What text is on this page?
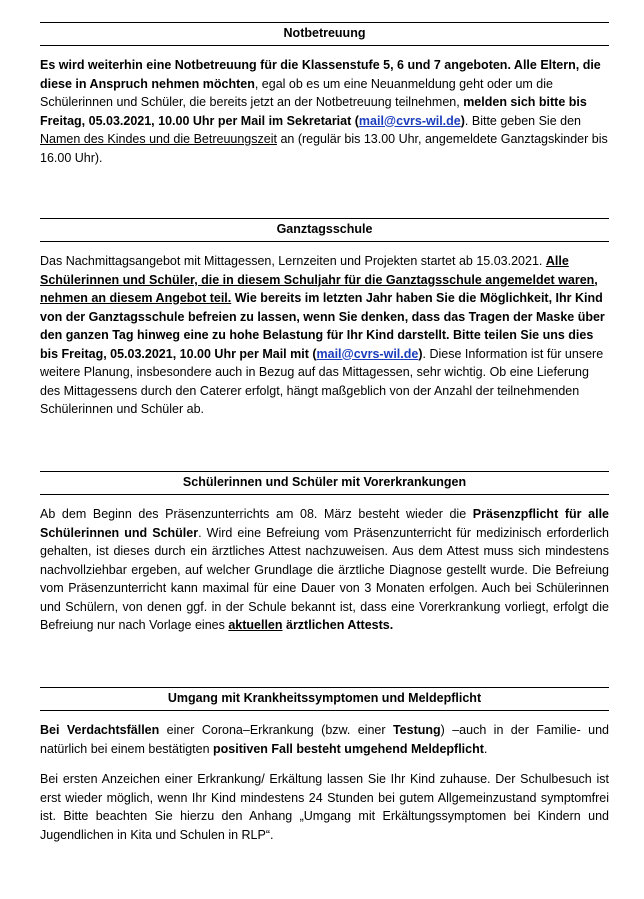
Notbetreuung

Es wird weiterhin eine Notbetreuung für die Klassenstufe 5, 6 und 7 angeboten. Alle Eltern, die diese in Anspruch nehmen möchten, egal ob es um eine Neuanmeldung geht oder um die Schülerinnen und Schüler, die bereits jetzt an der Notbetreuung teilnehmen, melden sich bitte bis Freitag, 05.03.2021, 10.00 Uhr per Mail im Sekretariat (mail@cvrs-wil.de). Bitte geben Sie den Namen des Kindes und die Betreuungszeit an (regulär bis 13.00 Uhr, angemeldete Ganztagskinder bis 16.00 Uhr).

Ganztagsschule

Das Nachmittagsangebot mit Mittagessen, Lernzeiten und Projekten startet ab 15.03.2021. Alle Schülerinnen und Schüler, die in diesem Schuljahr für die Ganztagsschule angemeldet waren, nehmen an diesem Angebot teil. Wie bereits im letzten Jahr haben Sie die Möglichkeit, Ihr Kind von der Ganztagsschule befreien zu lassen, wenn Sie denken, dass das Tragen der Maske über den ganzen Tag hinweg eine zu hohe Belastung für Ihr Kind darstellt. Bitte teilen Sie uns dies bis Freitag, 05.03.2021, 10.00 Uhr per Mail mit (mail@cvrs-wil.de). Diese Information ist für unsere weitere Planung, insbesondere auch in Bezug auf das Mittagessen, sehr wichtig. Ob eine Lieferung des Mittagessens durch den Caterer erfolgt, hängt maßgeblich von der Anzahl der teilnehmenden Schülerinnen und Schüler ab.

Schülerinnen und Schüler mit Vorerkrankungen

Ab dem Beginn des Präsenzunterrichts am 08. März besteht wieder die Präsenzpflicht für alle Schülerinnen und Schüler. Wird eine Befreiung vom Präsenzunterricht für medizinisch erforderlich gehalten, ist dieses durch ein ärztliches Attest nachzuweisen. Aus dem Attest muss sich mindestens nachvollziehbar ergeben, auf welcher Grundlage die ärztliche Diagnose gestellt wurde. Die Befreiung vom Präsenzunterricht kann maximal für eine Dauer von 3 Monaten erfolgen. Auch bei Schülerinnen und Schülern, von denen ggf. in der Schule bekannt ist, dass eine Vorerkrankung vorliegt, erfolgt die Befreiung nur nach Vorlage eines aktuellen ärztlichen Attests.

Umgang mit Krankheitssymptomen und Meldepflicht

Bei Verdachtsfällen einer Corona–Erkrankung (bzw. einer Testung) –auch in der Familie- und natürlich bei einem bestätigten positiven Fall besteht umgehend Meldepflicht.

Bei ersten Anzeichen einer Erkrankung/ Erkältung lassen Sie Ihr Kind zuhause. Der Schulbesuch ist erst wieder möglich, wenn Ihr Kind mindestens 24 Stunden bei gutem Allgemeinzustand symptomfrei ist. Bitte beachten Sie hierzu den Anhang „Umgang mit Erkältungssymptomen bei Kindern und Jugendlichen in Kita und Schulen in RLP“.
